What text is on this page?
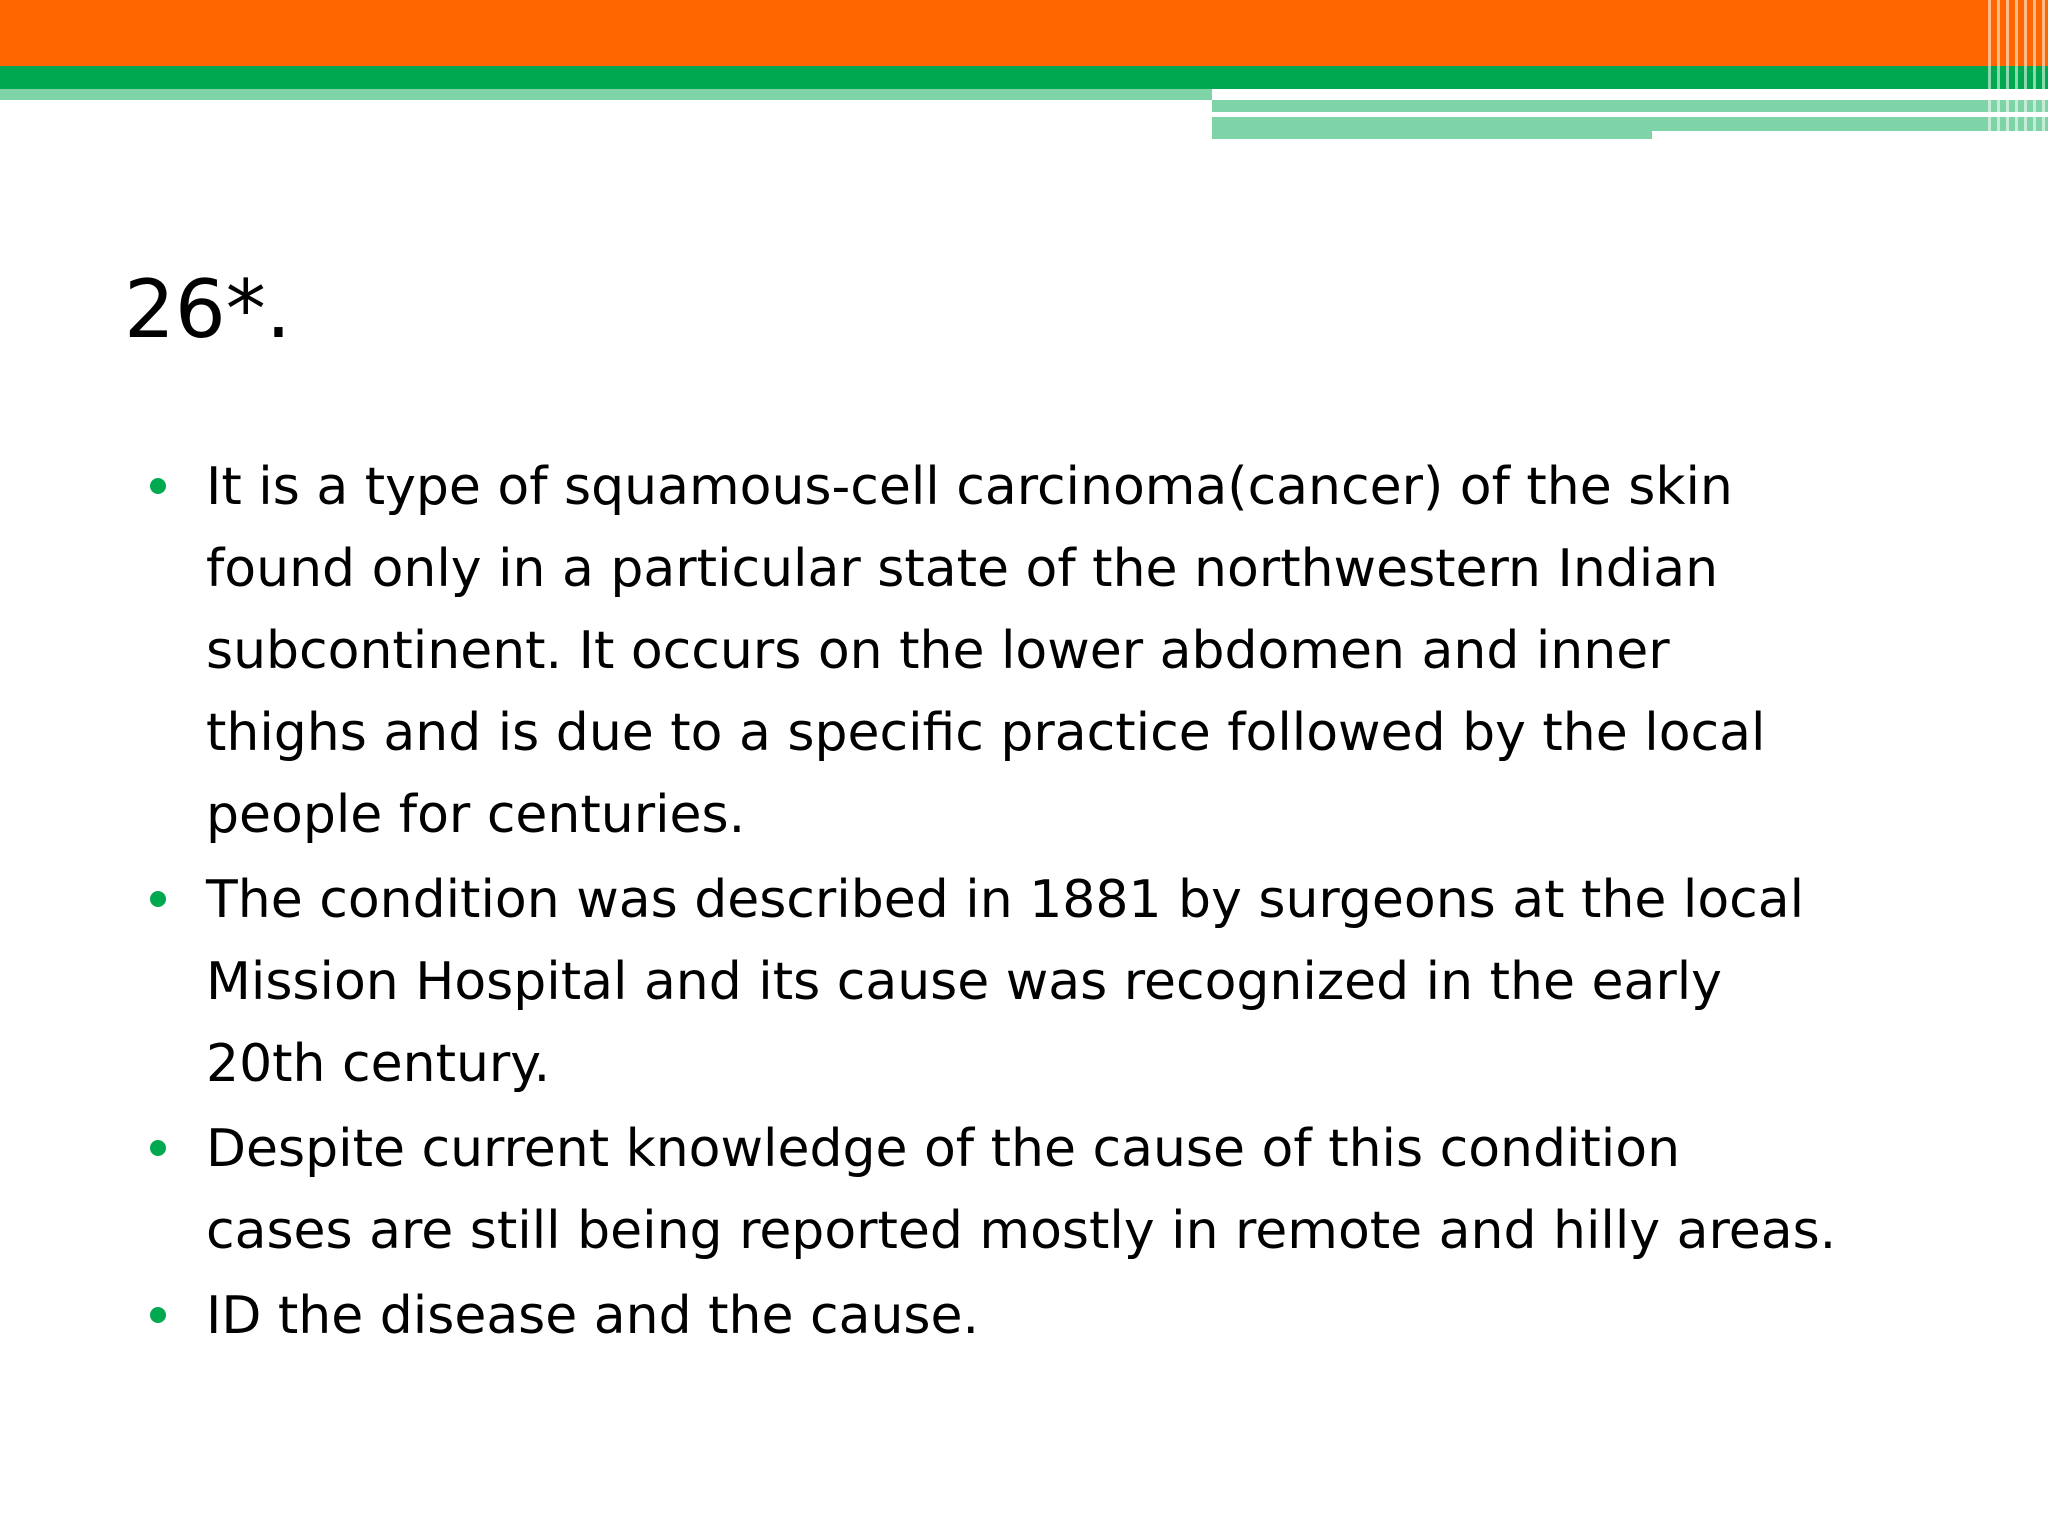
26*.
It is a type of squamous-cell carcinoma(cancer) of the skin
found only in a particular state of the northwestern Indian
subcontinent. It occurs on the lower abdomen and inner
thighs and is due to a specific practice followed by the local
people for centuries.
The condition was described in 1881 by surgeons at the local
Mission Hospital and its cause was recognized in the early
20th century.
Despite current knowledge of the cause of this condition
cases are still being reported mostly in remote and hilly areas.
ID the disease and the cause.
